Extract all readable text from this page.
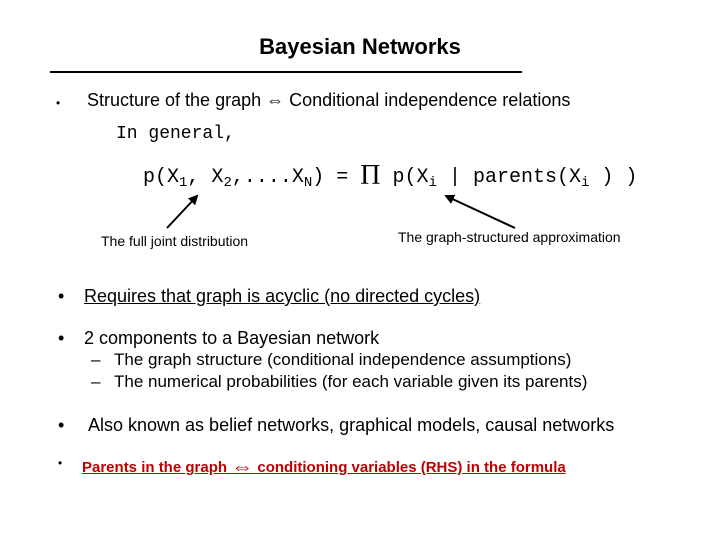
Bayesian Networks
• Structure of the graph ⇔ Conditional independence relations
In general,
$p(X_1$, $X_2,....X_N) = \Pi$ $p(X_i$ | $parents(X_i$ ) )
The full joint distribution	The graph-structured approximation
• Requires that graph is acyclic (no directed cycles)
• 2 components to a Bayesian network
– The graph structure (conditional independence assumptions)
– The numerical probabilities (for each variable given its parents)
• Also known as belief networks, graphical models, causal networks
• Parents in the graph ⇔ conditioning variables (RHS) in the formula
